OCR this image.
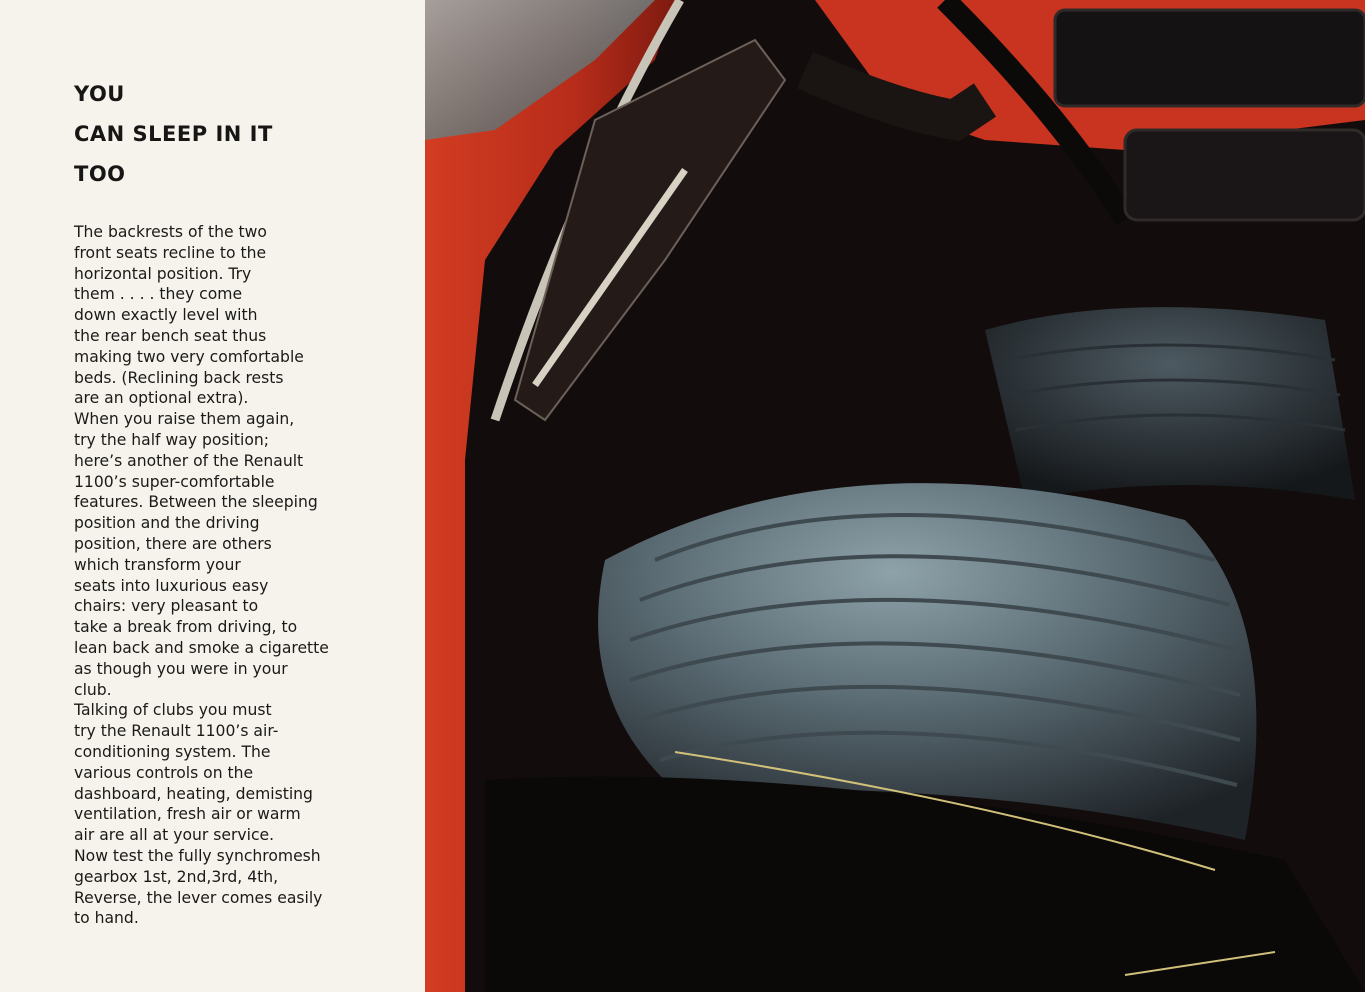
YOU
CAN SLEEP IN IT
TOO
The backrests of the two
front seats recline to the
horizontal position. Try
them . . . . they come
down exactly level with
the rear bench seat thus
making two very comfortable
beds. (Reclining back rests
are an optional extra).
When you raise them again,
try the half way position;
here’s another of the Renault
1100’s super-comfortable
features. Between the sleeping
position and the driving
position, there are others
which transform your
seats into luxurious easy
chairs: very pleasant to
take a break from driving, to
lean back and smoke a cigarette
as though you were in your
club.
Talking of clubs you must
try the Renault 1100’s air-
conditioning system. The
various controls on the
dashboard, heating, demisting
ventilation, fresh air or warm
air are all at your service.
Now test the fully synchromesh
gearbox 1st, 2nd,3rd, 4th,
Reverse, the lever comes easily
to hand.
